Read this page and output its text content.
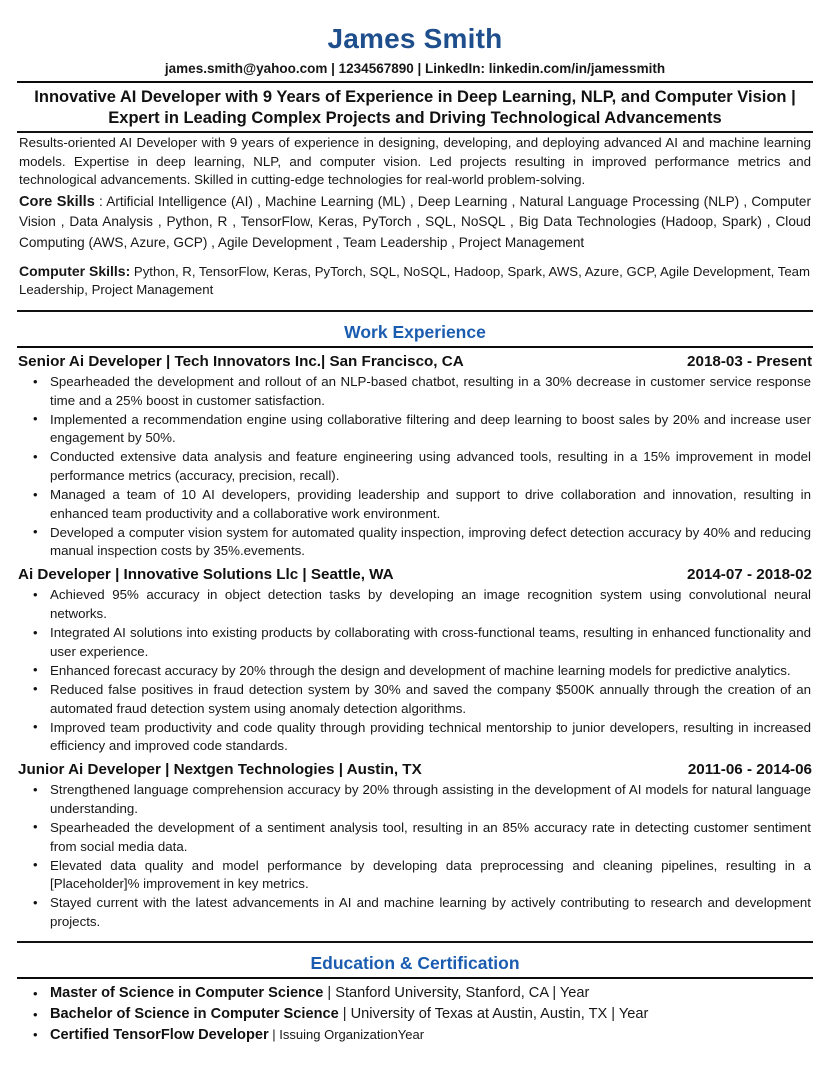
James Smith
james.smith@yahoo.com | 1234567890 | LinkedIn: linkedin.com/in/jamessmith
Innovative AI Developer with 9 Years of Experience in Deep Learning, NLP, and Computer Vision | Expert in Leading Complex Projects and Driving Technological Advancements
Results-oriented AI Developer with 9 years of experience in designing, developing, and deploying advanced AI and machine learning models. Expertise in deep learning, NLP, and computer vision. Led projects resulting in improved performance metrics and technological advancements. Skilled in cutting-edge technologies for real-world problem-solving.
Core Skills : Artificial Intelligence (AI) , Machine Learning (ML) , Deep Learning , Natural Language Processing (NLP) , Computer Vision , Data Analysis , Python, R , TensorFlow, Keras, PyTorch , SQL, NoSQL , Big Data Technologies (Hadoop, Spark) , Cloud Computing (AWS, Azure, GCP) , Agile Development , Team Leadership , Project Management
Computer Skills: Python, R, TensorFlow, Keras, PyTorch, SQL, NoSQL, Hadoop, Spark, AWS, Azure, GCP, Agile Development, Team Leadership, Project Management
Work Experience
Senior Ai Developer | Tech Innovators Inc.| San Francisco, CA	2018-03 - Present
• Spearheaded the development and rollout of an NLP-based chatbot, resulting in a 30% decrease in customer service response time and a 25% boost in customer satisfaction.
• Implemented a recommendation engine using collaborative filtering and deep learning to boost sales by 20% and increase user engagement by 50%.
• Conducted extensive data analysis and feature engineering using advanced tools, resulting in a 15% improvement in model performance metrics (accuracy, precision, recall).
• Managed a team of 10 AI developers, providing leadership and support to drive collaboration and innovation, resulting in enhanced team productivity and a collaborative work environment.
• Developed a computer vision system for automated quality inspection, improving defect detection accuracy by 40% and reducing manual inspection costs by 35%.evements.
Ai Developer | Innovative Solutions Llc | Seattle, WA	2014-07 - 2018-02
• Achieved 95% accuracy in object detection tasks by developing an image recognition system using convolutional neural networks.
• Integrated AI solutions into existing products by collaborating with cross-functional teams, resulting in enhanced functionality and user experience.
• Enhanced forecast accuracy by 20% through the design and development of machine learning models for predictive analytics.
• Reduced false positives in fraud detection system by 30% and saved the company $500K annually through the creation of an automated fraud detection system using anomaly detection algorithms.
• Improved team productivity and code quality through providing technical mentorship to junior developers, resulting in increased efficiency and improved code standards.
Junior Ai Developer | Nextgen Technologies | Austin, TX	2011-06 - 2014-06
• Strengthened language comprehension accuracy by 20% through assisting in the development of AI models for natural language understanding.
• Spearheaded the development of a sentiment analysis tool, resulting in an 85% accuracy rate in detecting customer sentiment from social media data.
• Elevated data quality and model performance by developing data preprocessing and cleaning pipelines, resulting in a [Placeholder]% improvement in key metrics.
• Stayed current with the latest advancements in AI and machine learning by actively contributing to research and development projects.
Education & Certification
• Master of Science in Computer Science | Stanford University, Stanford, CA | Year
• Bachelor of Science in Computer Science | University of Texas at Austin, Austin, TX | Year
• Certified TensorFlow Developer | Issuing OrganizationYear
